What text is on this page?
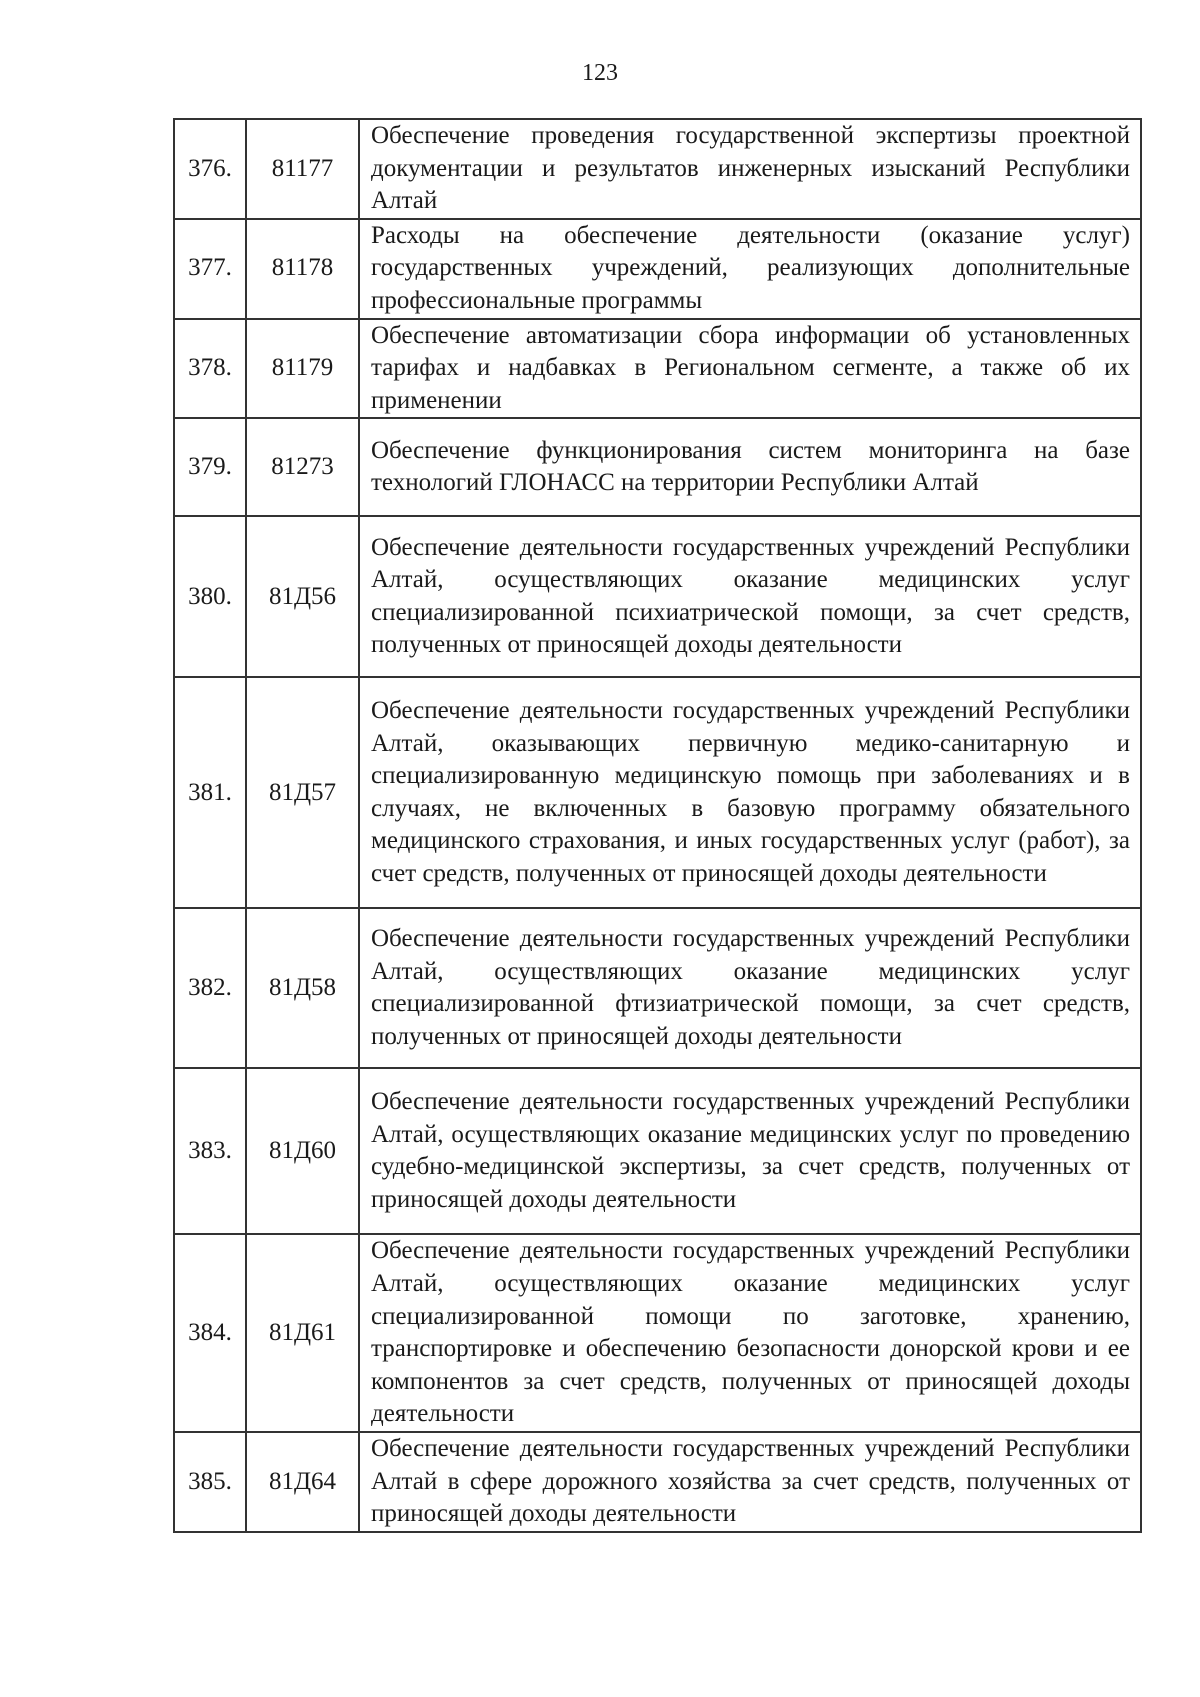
123
376.	81177	Обеспечение проведения государственной экспертизы проектной документации и результатов инженерных изысканий Республики Алтай
377.	81178	Расходы на обеспечение деятельности (оказание услуг) государственных учреждений, реализующих дополнительные профессиональные программы
378.	81179	Обеспечение автоматизации сбора информации об установленных тарифах и надбавках в Региональном сегменте, а также об их применении
379.	81273	Обеспечение функционирования систем мониторинга на базе технологий ГЛОНАСС на территории Республики Алтай
380.	81Д56	Обеспечение деятельности государственных учреждений Республики Алтай, осуществляющих оказание медицинских услуг специализированной психиатрической помощи, за счет средств, полученных от приносящей доходы деятельности
381.	81Д57	Обеспечение деятельности государственных учреждений Республики Алтай, оказывающих первичную медико-санитарную и специализированную медицинскую помощь при заболеваниях и в случаях, не включенных в базовую программу обязательного медицинского страхования, и иных государственных услуг (работ), за счет средств, полученных от приносящей доходы деятельности
382.	81Д58	Обеспечение деятельности государственных учреждений Республики Алтай, осуществляющих оказание медицинских услуг специализированной фтизиатрической помощи, за счет средств, полученных от приносящей доходы деятельности
383.	81Д60	Обеспечение деятельности государственных учреждений Республики Алтай, осуществляющих оказание медицинских услуг по проведению судебно-медицинской экспертизы, за счет средств, полученных от приносящей доходы деятельности
384.	81Д61	Обеспечение деятельности государственных учреждений Республики Алтай, осуществляющих оказание медицинских услуг специализированной помощи по заготовке, хранению, транспортировке и обеспечению безопасности донорской крови и ее компонентов за счет средств, полученных от приносящей доходы деятельности
385.	81Д64	Обеспечение деятельности государственных учреждений Республики Алтай в сфере дорожного хозяйства за счет средств, полученных от приносящей доходы деятельности
